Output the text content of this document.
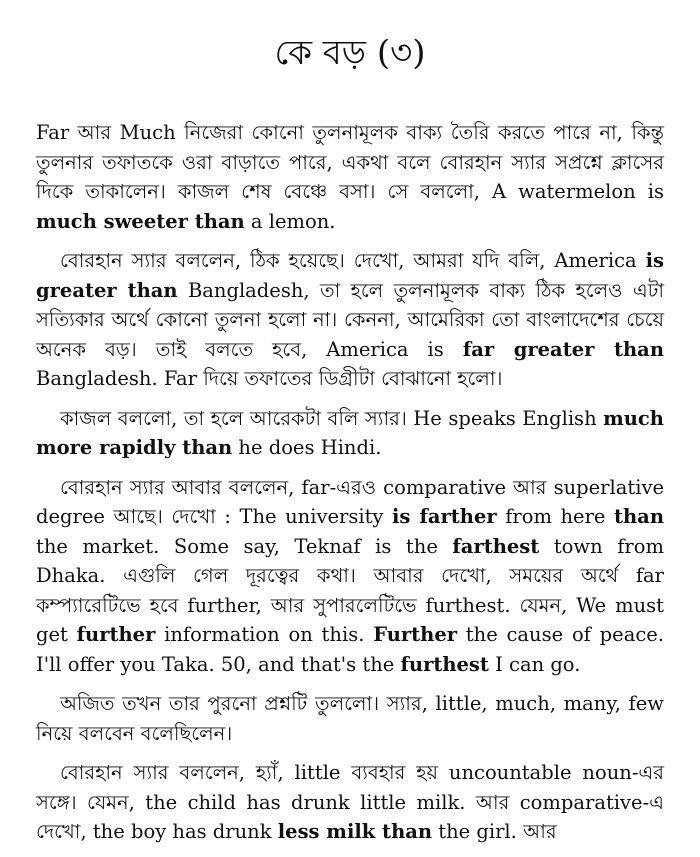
কে বড় (৩)

Far আর Much নিজেরা কোনো তুলনামূলক বাক্য তৈরি করতে পারে না, কিন্তু তুলনার তফাতকে ওরা বাড়াতে পারে, একথা বলে বোরহান স্যার সপ্রশ্নে ক্লাসের দিকে তাকালেন। কাজল শেষ বেঞ্চে বসা। সে বললো, A watermelon is much sweeter than a lemon.

বোরহান স্যার বললেন, ঠিক হয়েছে। দেখো, আমরা যদি বলি, America is greater than Bangladesh, তা হলে তুলনামূলক বাক্য ঠিক হলেও এটা সত্যিকার অর্থে কোনো তুলনা হলো না। কেননা, আমেরিকা তো বাংলাদেশের চেয়ে অনেক বড়। তাই বলতে হবে, America is far greater than Bangladesh. Far দিয়ে তফাতের ডিগ্রীটা বোঝানো হলো।

কাজল বললো, তা হলে আরেকটা বলি স্যার। He speaks English much more rapidly than he does Hindi.

বোরহান স্যার আবার বললেন, far-এরও comparative আর superlative degree আছে। দেখো : The university is farther from here than the market. Some say, Teknaf is the farthest town from Dhaka. এগুলি গেল দূরত্বের কথা। আবার দেখো, সময়ের অর্থে far কম্প্যারেটিভে হবে further, আর সুপারলেটিভে furthest. যেমন, We must get further information on this. Further the cause of peace. I'll offer you Taka. 50, and that's the furthest I can go.

অজিত তখন তার পুরনো প্রশ্নটি তুললো। স্যার, little, much, many, few নিয়ে বলবেন বলেছিলেন।

বোরহান স্যার বললেন, হ্যাঁ, little ব্যবহার হয় uncountable noun-এর সঙ্গে। যেমন, the child has drunk little milk. আর comparative-এ দেখো, the boy has drunk less milk than the girl. আর
